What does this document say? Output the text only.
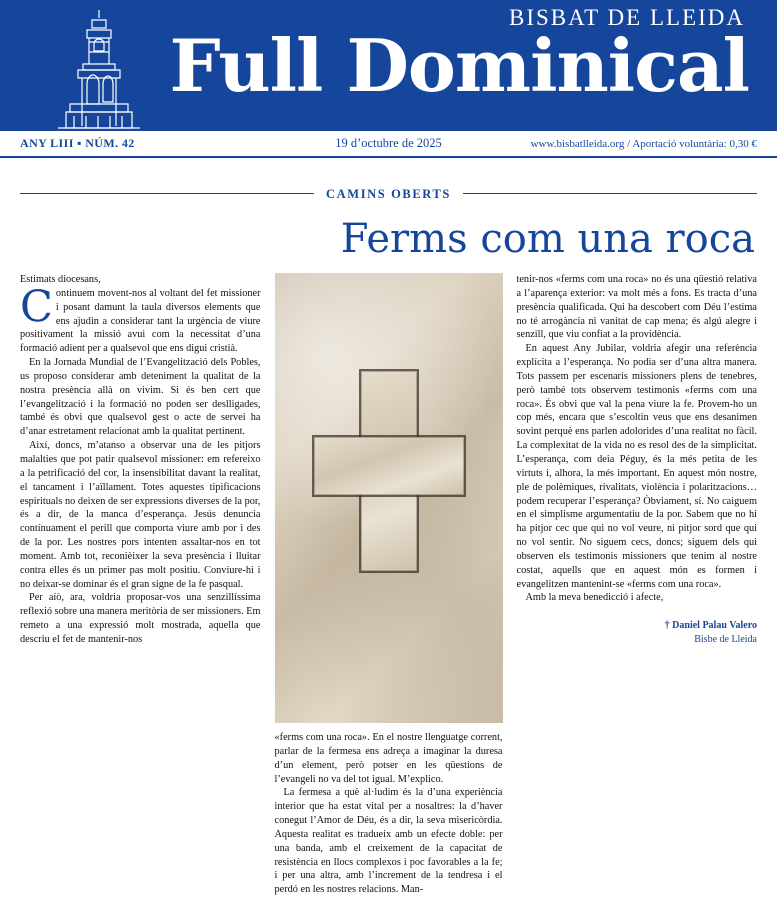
BISBAT DE LLEIDA
Full Dominical
ANY LIII ▪ NÚM. 42	19 d’octubre de 2025	www.bisbatlleida.org / Aportació voluntària: 0,30 €
CAMINS OBERTS
Ferms com una roca

Estimats diocesans,

Continuem movent-nos al voltant del fet missioner i posant damunt la taula diversos elements que ens ajudin a considerar tant la urgència de viure positivament la missió avui com la necessitat d’una formació adient per a qualsevol que ens digui cristià.

En la Jornada Mundial de l’Evangelització dels Pobles, us proposo considerar amb deteniment la qualitat de la nostra presència allà on vivim. Si és ben cert que l’evangelització i la formació no poden ser deslligades, també és obvi que qualsevol gest o acte de servei ha d’anar estretament relacionat amb la qualitat pertinent.

Així, doncs, m’atanso a observar una de les pitjors malalties que pot patir qualsevol missioner: em refereixo a la petrificació del cor, la insensibilitat davant la realitat, el tancament i l’aïllament. Totes aquestes tipificacions espirituals no deixen de ser expressions diverses de la por, és a dir, de la manca d’esperança. Jesús denuncia contínuament el perill que comporta viure amb por i des de la por. Les nostres pors intenten assaltar-nos en tot moment. Amb tot, reconièixer la seva presència i lluitar contra elles és un primer pas molt positiu. Conviure-hi i no deixar-se dominar és el gran signe de la fe pasqual.

Per aíò, ara, voldria proposar-vos una senzillíssima reflexió sobre una manera meritòria de ser missioners. Em remeto a una expressió molt mostrada, aquella que descriu el fet de mantenir-nos

«ferms com una roca». En el nostre llenguatge corrent, parlar de la fermesa ens adreça a imaginar la duresa d’un element, però potser en les qüestions de l’evangeli no va del tot igual. M’explico.

La fermesa a què al·ludim és la d’una experiència interior que ha estat vital per a nosaltres: la d’haver conegut l’Amor de Déu, és a dir, la seva misericòrdia. Aquesta realitat es tradueix amb un efecte doble: per una banda, amb el creixement de la capacitat de resistència en llocs complexos i poc favorables a la fe; i per una altra, amb l’increment de la tendresa i el perdó en les nostres relacions. Man-

tenir-nos «ferms com una roca» no és una qüestió relativa a l’aparença exterior: va molt més a fons. Es tracta d’una presència qualificada. Qui ha descobert com Déu l’estima no té arrogància ni vanitat de cap mena; és algú alegre i senzill, que viu confiat a la providència.

En aquest Any Jubilar, voldria afegir una referència explícita a l’esperança. No podia ser d’una altra manera. Tots passem per escenaris missioners plens de tenebres, però també tots observem testimonis «ferms com una roca». És obvi que val la pena viure la fe. Provem-ho un cop més, encara que s’escoltin veus que ens desanimen sovint perquè ens parlen adolorides d’una realitat no fàcil. La complexitat de la vida no es resol des de la simplicitat. L’esperança, com deia Péguy, és la més petita de les virtuts i, alhora, la més important. En aquest món nostre, ple de polèmiques, rivalitats, violència i polaritzacions… podem recuperar l’esperança? Òbviament, sí. No caiguem en el simplisme argumentatiu de la por. Sabem que no hi ha pitjor cec que qui no vol veure, ni pitjor sord que qui no vol sentir. No siguem cecs, doncs; siguem dels qui observen els testimonis missioners que tenim al nostre costat, aquells que en aquest món es formen i evangelitzen mantenint-se «ferms com una roca».

Amb la meva benedicció i afecte,

† Daniel Palau Valero
Bisbe de Lleida
